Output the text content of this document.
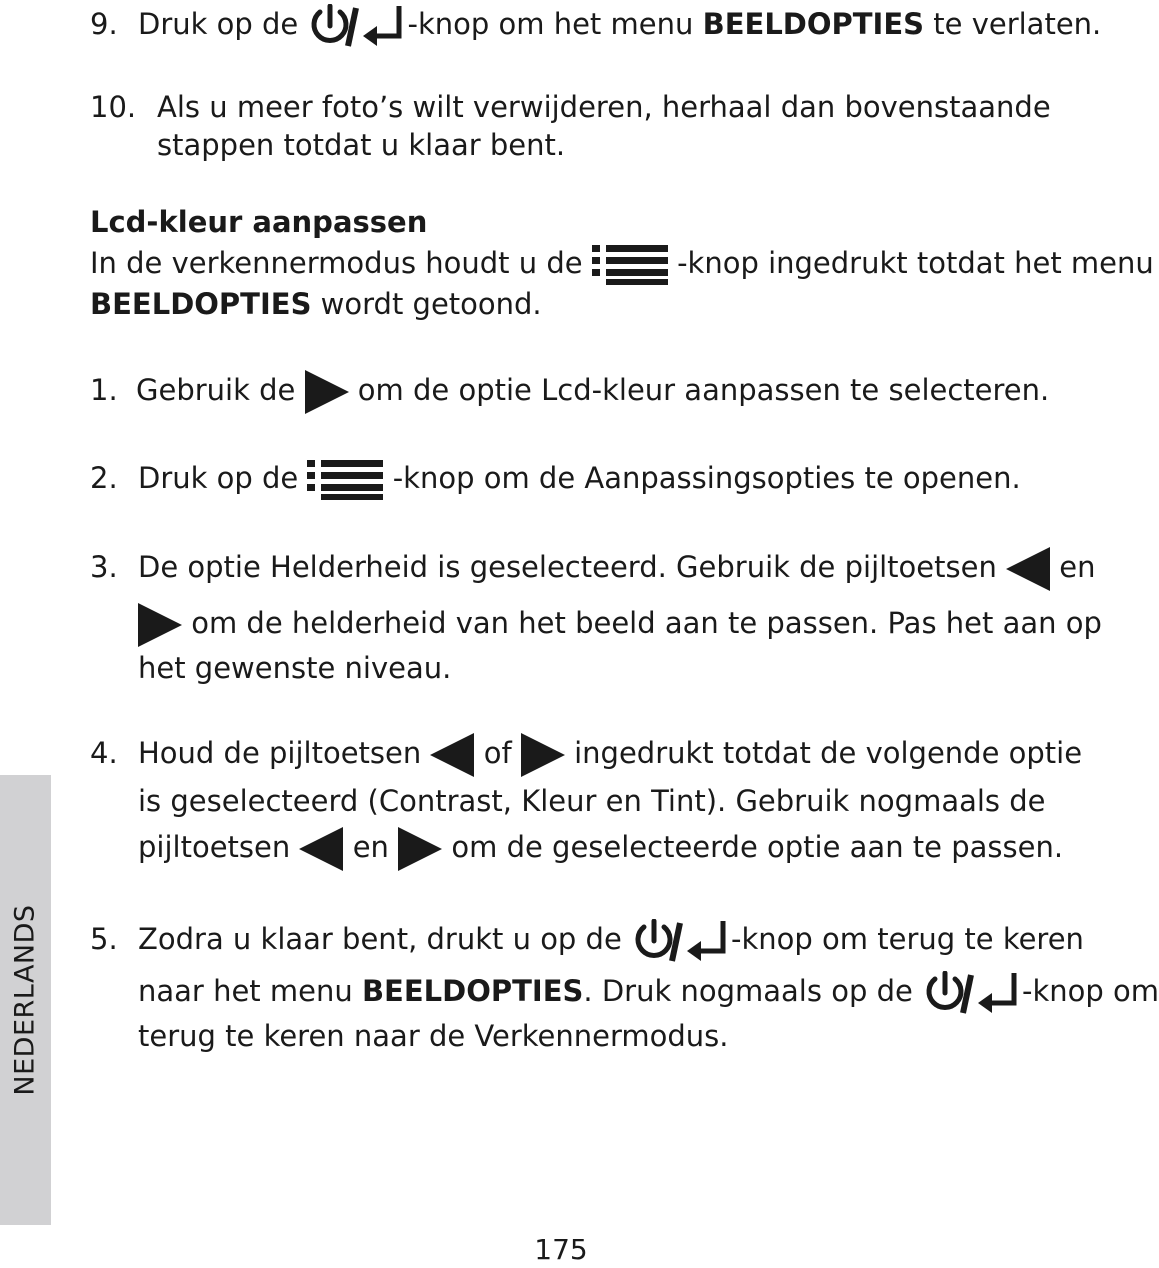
9. Druk op de	-knop om het menu BEELDOPTIES te verlaten.
10. Als u meer foto’s wilt verwijderen, herhaal dan bovenstaande
stappen totdat u klaar bent.
Lcd-kleur aanpassen
In de verkennermodus houdt u de	-knop ingedrukt totdat het menu
BEELDOPTIES wordt getoond.
1. Gebruik de om de optie Lcd-kleur aanpassen te selecteren.
2. Druk op de	-knop om de Aanpassingsopties te openen.
3. De optie Helderheid is geselecteerd. Gebruik de pijltoetsen en
om de helderheid van het beeld aan te passen. Pas het aan op
het gewenste niveau.
4. Houd de pijltoetsen of ingedrukt totdat de volgende optie
is geselecteerd (Contrast, Kleur en Tint). Gebruik nogmaals de
pijltoetsen en om de geselecteerde optie aan te passen.
5. Zodra u klaar bent, drukt u op de	-knop om terug te keren
naar het menu BEELDOPTIES. Druk nogmaals op de	-knop om
terug te keren naar de Verkennermodus.
NEDERLANDS
175
